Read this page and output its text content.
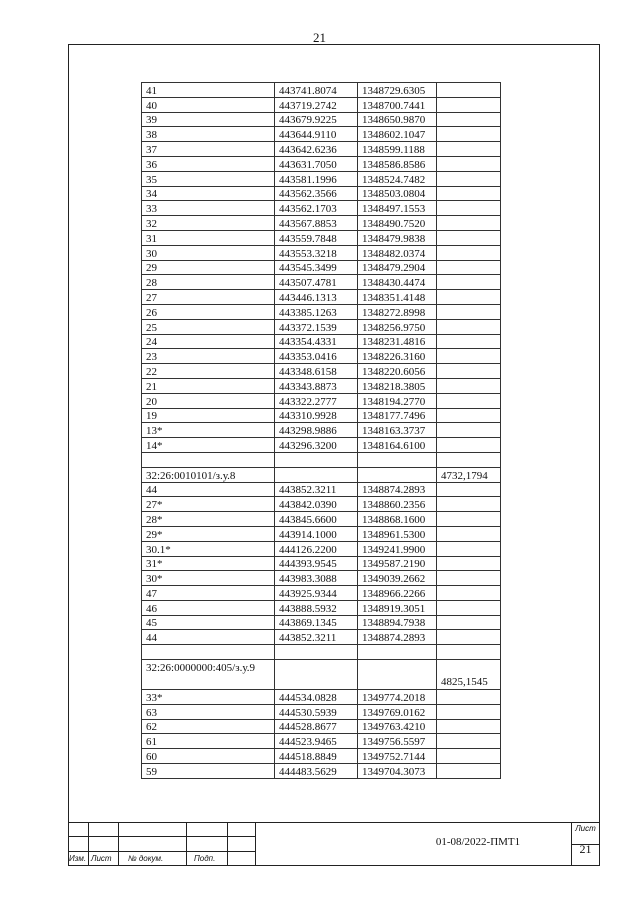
21
41	443741.8074	1348729.6305	
40	443719.2742	1348700.7441	
39	443679.9225	1348650.9870	
38	443644.9110	1348602.1047	
37	443642.6236	1348599.1188	
36	443631.7050	1348586.8586	
35	443581.1996	1348524.7482	
34	443562.3566	1348503.0804	
33	443562.1703	1348497.1553	
32	443567.8853	1348490.7520	
31	443559.7848	1348479.9838	
30	443553.3218	1348482.0374	
29	443545.3499	1348479.2904	
28	443507.4781	1348430.4474	
27	443446.1313	1348351.4148	
26	443385.1263	1348272.8998	
25	443372.1539	1348256.9750	
24	443354.4331	1348231.4816	
23	443353.0416	1348226.3160	
22	443348.6158	1348220.6056	
21	443343.8873	1348218.3805	
20	443322.2777	1348194.2770	
19	443310.9928	1348177.7496	
13*	443298.9886	1348163.3737	
14*	443296.3200	1348164.6100	

32:26:0010101/з.у.8			4732,1794
44	443852.3211	1348874.2893	
27*	443842.0390	1348860.2356	
28*	443845.6600	1348868.1600	
29*	443914.1000	1348961.5300	
30.1*	444126.2200	1349241.9900	
31*	444393.9545	1349587.2190	
30*	443983.3088	1349039.2662	
47	443925.9344	1348966.2266	
46	443888.5932	1348919.3051	
45	443869.1345	1348894.7938	
44	443852.3211	1348874.2893	

32:26:0000000:405/з.у.9			4825,1545
33*	444534.0828	1349774.2018	
63	444530.5939	1349769.0162	
62	444528.8677	1349763.4210	
61	444523.9465	1349756.5597	
60	444518.8849	1349752.7144	
59	444483.5629	1349704.3073	
Изм. Лист № докум.	Подп.
01-08/2022-ПМТ1
Лист
21
